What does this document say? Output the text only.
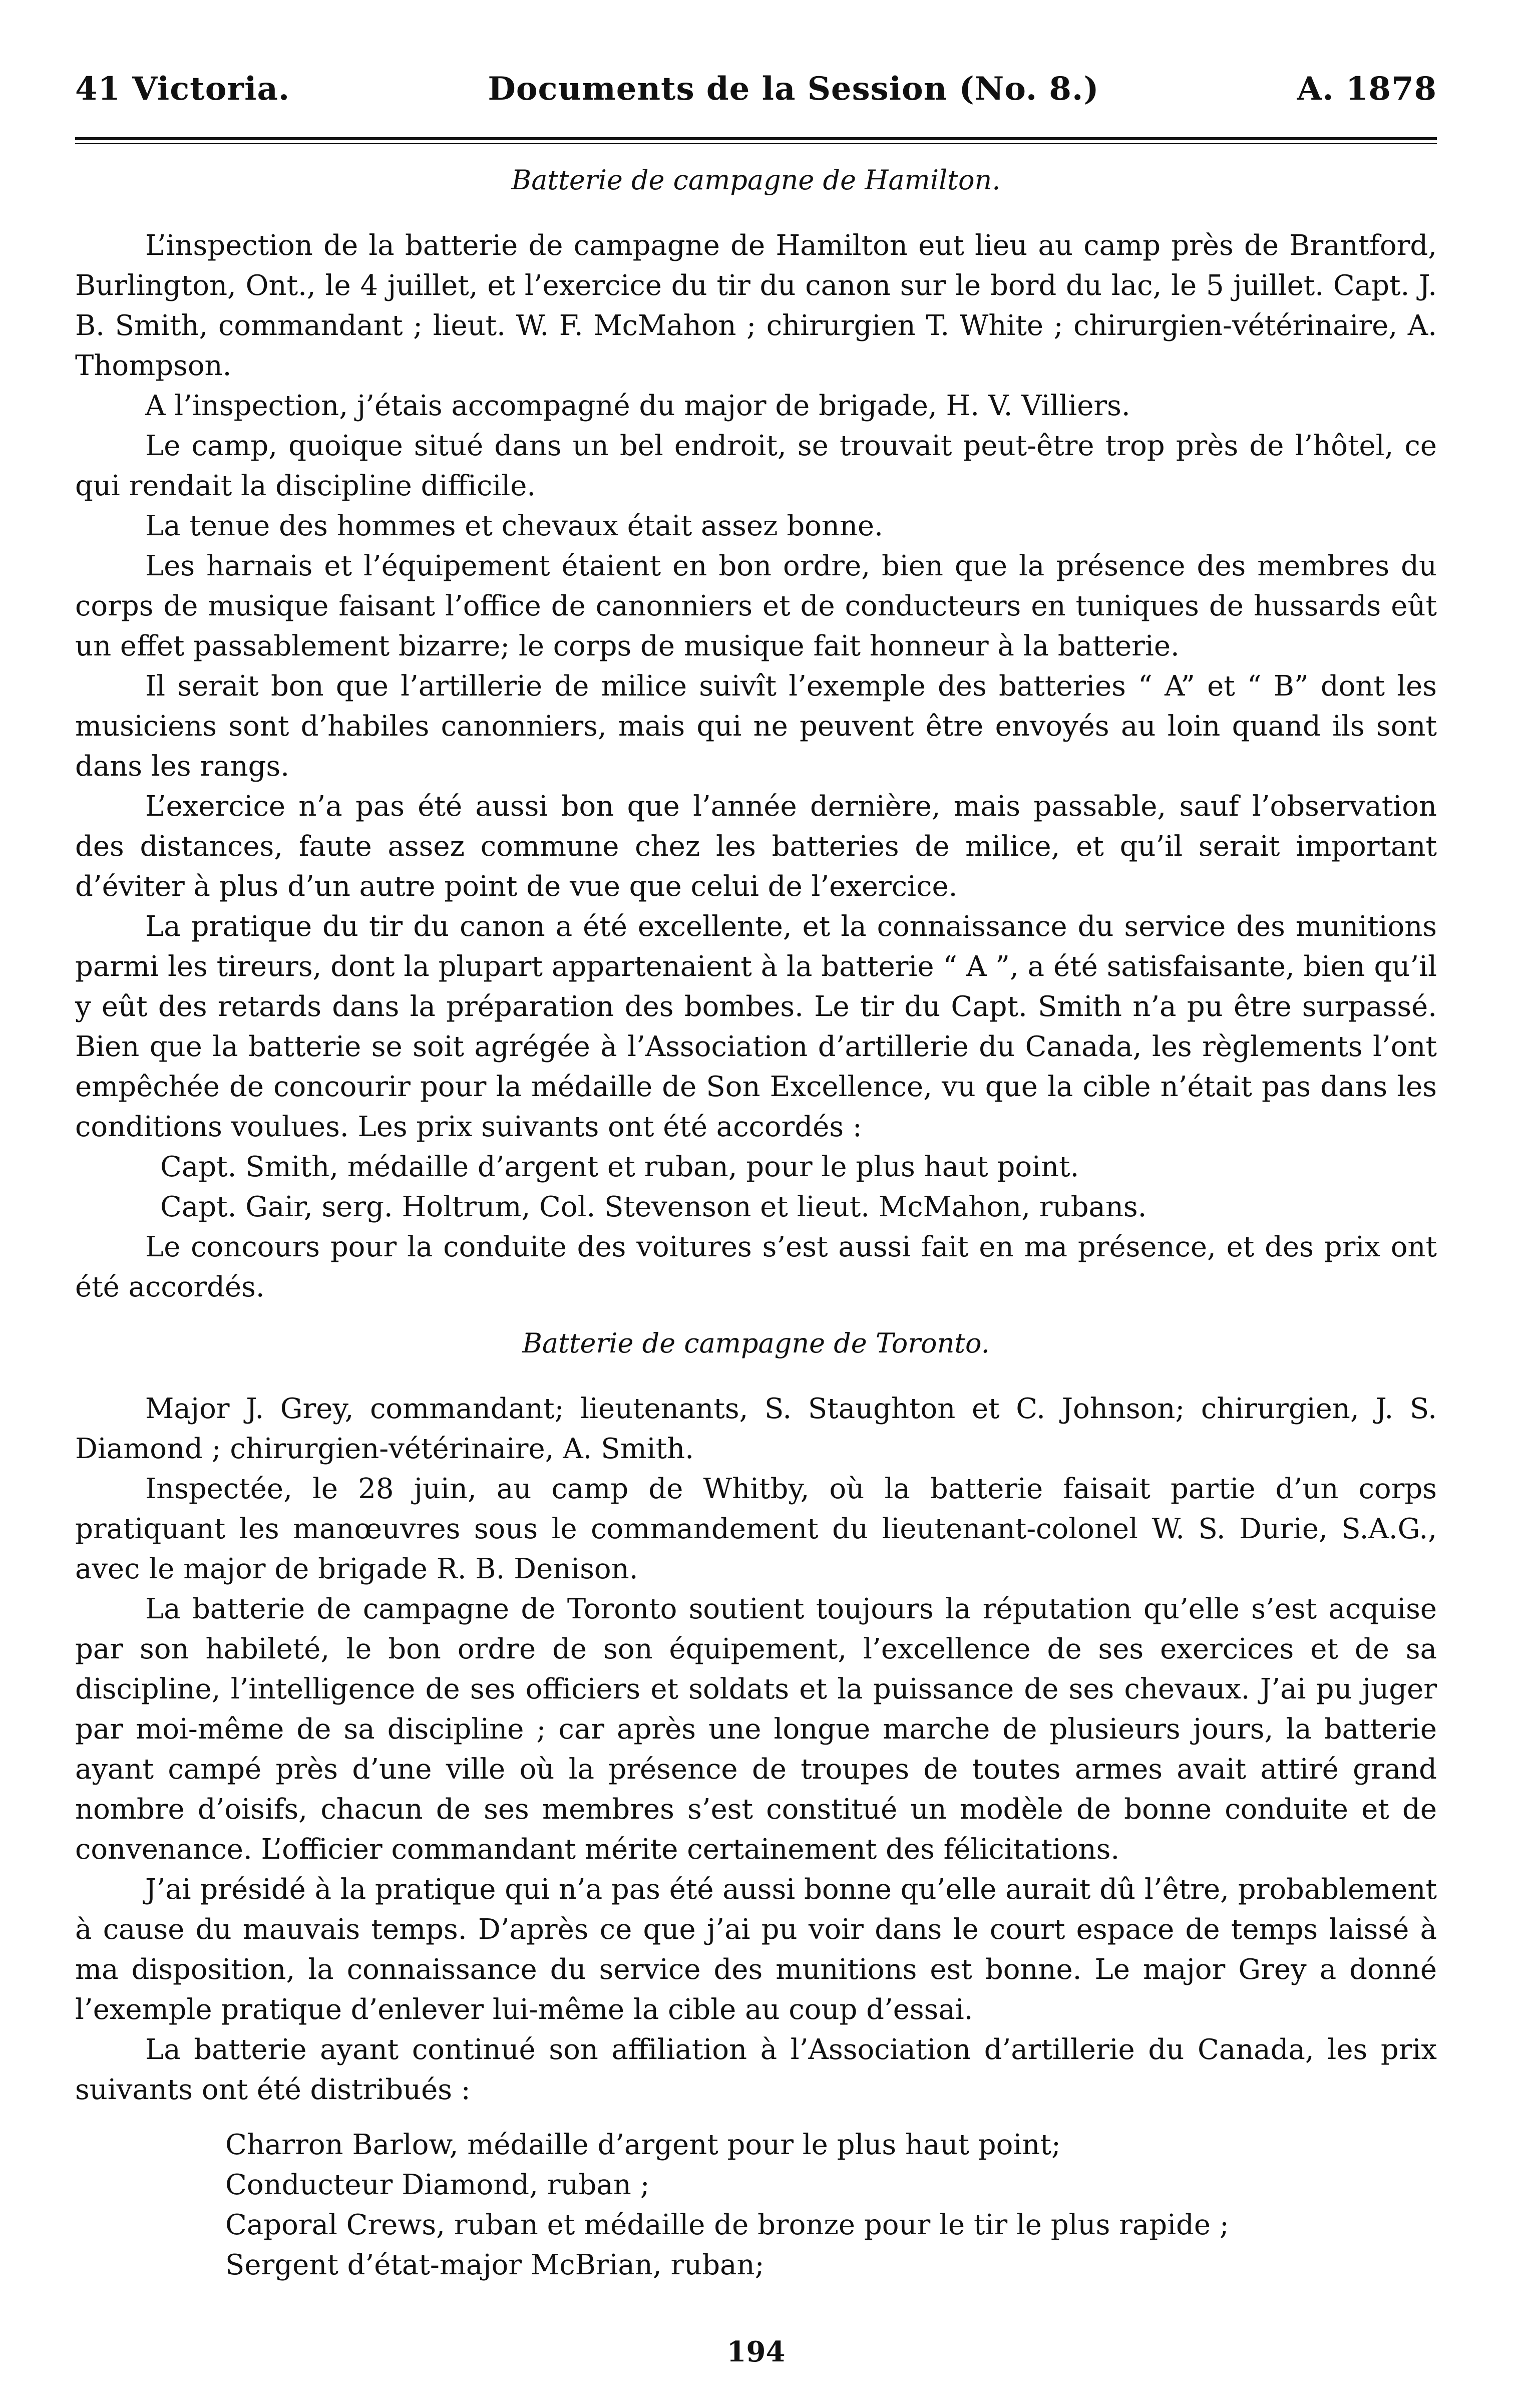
41 Victoria.	Documents de la Session (No. 8.)	A. 1878
Batterie de campagne de Hamilton.

L’inspection de la batterie de campagne de Hamilton eut lieu au camp près de Brantford, Burlington, Ont., le 4 juillet, et l’exercice du tir du canon sur le bord du lac, le 5 juillet. Capt. J. B. Smith, commandant ; lieut. W. F. McMahon ; chirurgien T. White ; chirurgien-vétérinaire, A. Thompson.

A l’inspection, j’étais accompagné du major de brigade, H. V. Villiers.

Le camp, quoique situé dans un bel endroit, se trouvait peut-être trop près de l’hôtel, ce qui rendait la discipline difficile.

La tenue des hommes et chevaux était assez bonne.

Les harnais et l’équipement étaient en bon ordre, bien que la présence des membres du corps de musique faisant l’office de canonniers et de conducteurs en tuniques de hussards eût un effet passablement bizarre; le corps de musique fait honneur à la batterie.

Il serait bon que l’artillerie de milice suivît l’exemple des batteries “ A” et “ B” dont les musiciens sont d’habiles canonniers, mais qui ne peuvent être envoyés au loin quand ils sont dans les rangs.

L’exercice n’a pas été aussi bon que l’année dernière, mais passable, sauf l’observation des distances, faute assez commune chez les batteries de milice, et qu’il serait important d’éviter à plus d’un autre point de vue que celui de l’exercice.

La pratique du tir du canon a été excellente, et la connaissance du service des munitions parmi les tireurs, dont la plupart appartenaient à la batterie “ A ”, a été satisfaisante, bien qu’il y eût des retards dans la préparation des bombes. Le tir du Capt. Smith n’a pu être surpassé. Bien que la batterie se soit agrégée à l’Association d’artillerie du Canada, les règlements l’ont empêchée de concourir pour la médaille de Son Excellence, vu que la cible n’était pas dans les conditions voulues. Les prix suivants ont été accordés :

Capt. Smith, médaille d’argent et ruban, pour le plus haut point.

Capt. Gair, serg. Holtrum, Col. Stevenson et lieut. McMahon, rubans.

Le concours pour la conduite des voitures s’est aussi fait en ma présence, et des prix ont été accordés.

Batterie de campagne de Toronto.

Major J. Grey, commandant; lieutenants, S. Staughton et C. Johnson; chirurgien, J. S. Diamond ; chirurgien-vétérinaire, A. Smith.

Inspectée, le 28 juin, au camp de Whitby, où la batterie faisait partie d’un corps pratiquant les manœuvres sous le commandement du lieutenant-colonel W. S. Durie, S.A.G., avec le major de brigade R. B. Denison.

La batterie de campagne de Toronto soutient toujours la réputation qu’elle s’est acquise par son habileté, le bon ordre de son équipement, l’excellence de ses exercices et de sa discipline, l’intelligence de ses officiers et soldats et la puissance de ses chevaux. J’ai pu juger par moi-même de sa discipline ; car après une longue marche de plusieurs jours, la batterie ayant campé près d’une ville où la présence de troupes de toutes armes avait attiré grand nombre d’oisifs, chacun de ses membres s’est constitué un modèle de bonne conduite et de convenance. L’officier commandant mérite certainement des félicitations.

J’ai présidé à la pratique qui n’a pas été aussi bonne qu’elle aurait dû l’être, probablement à cause du mauvais temps. D’après ce que j’ai pu voir dans le court espace de temps laissé à ma disposition, la connaissance du service des munitions est bonne. Le major Grey a donné l’exemple pratique d’enlever lui-même la cible au coup d’essai.

La batterie ayant continué son affiliation à l’Association d’artillerie du Canada, les prix suivants ont été distribués :

Charron Barlow, médaille d’argent pour le plus haut point;

Conducteur Diamond, ruban ;

Caporal Crews, ruban et médaille de bronze pour le tir le plus rapide ;

Sergent d’état-major McBrian, ruban;

194
